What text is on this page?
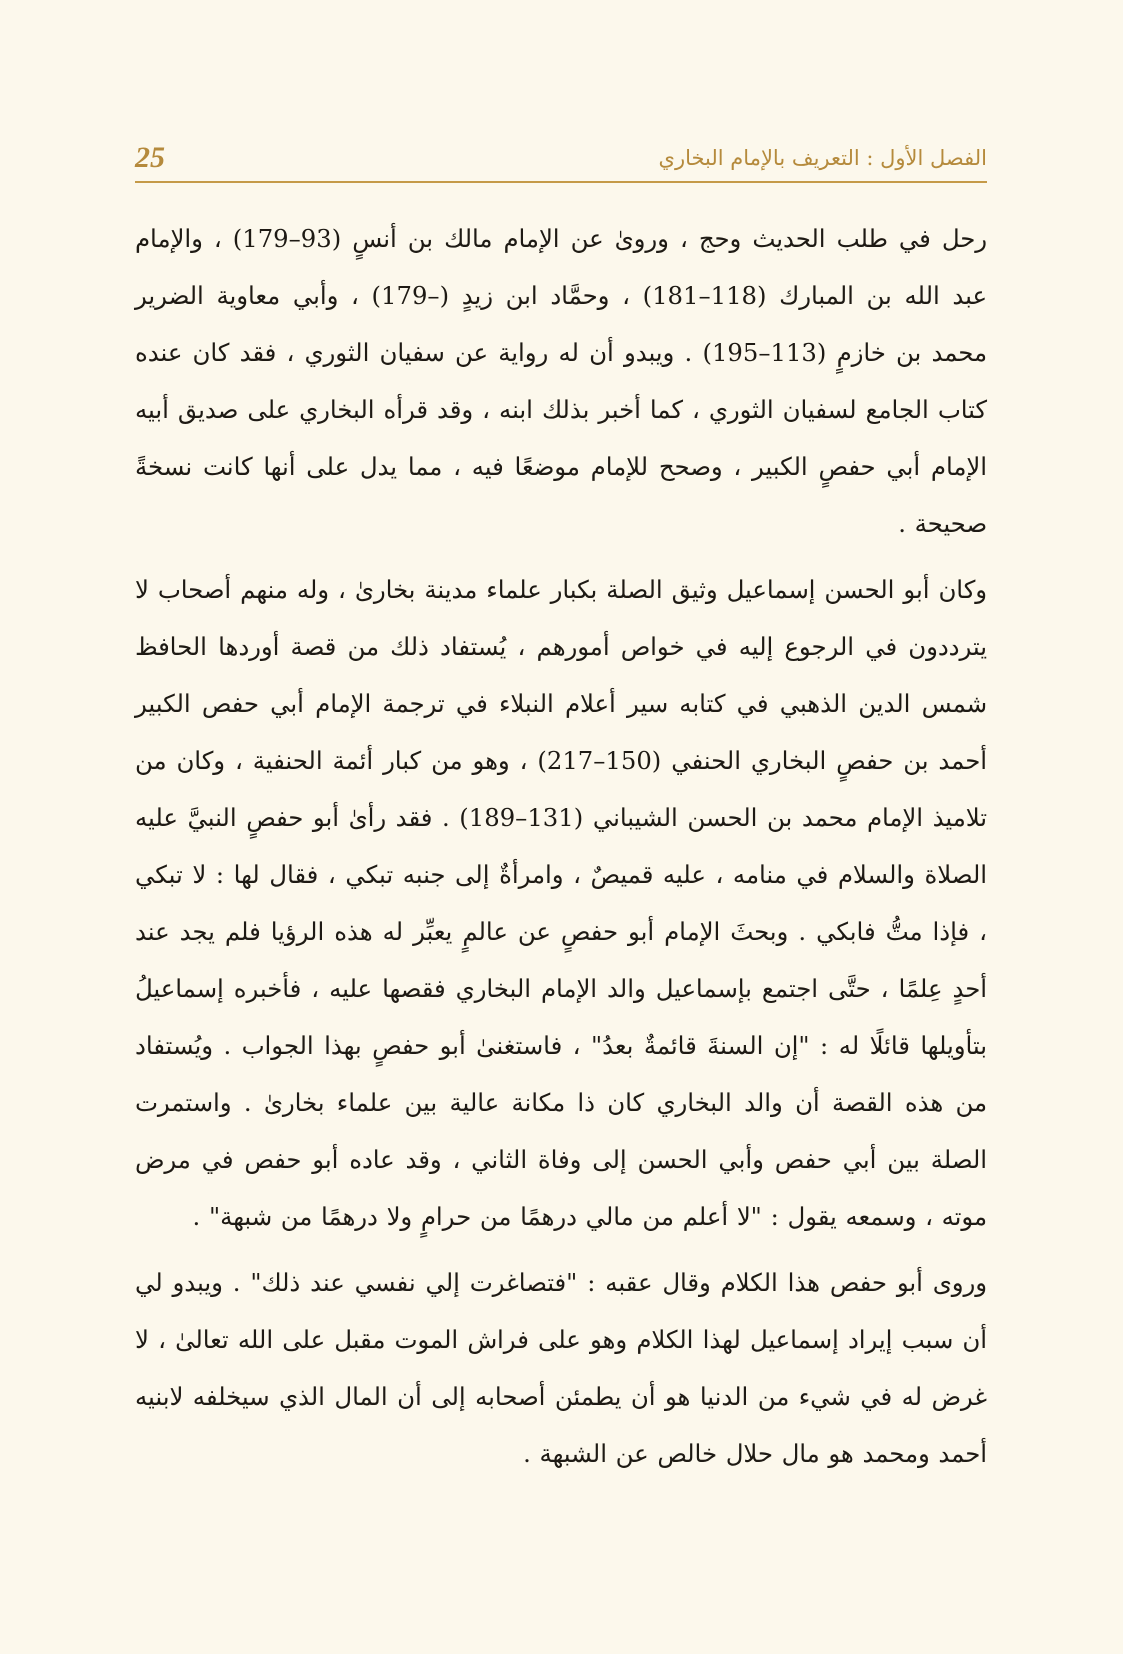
الفصل الأول : التعريف بالإمام البخاري
25

رحل في طلب الحديث وحج ، وروىٰ عن الإمام مالك بن أنسٍ (93–179) ، والإمام عبد الله بن المبارك (118–181) ، وحمَّاد ابن زيدٍ (–179) ، وأبي معاوية الضرير محمد بن خازمٍ (113–195) . ويبدو أن له رواية عن سفيان الثوري ، فقد كان عنده كتاب الجامع لسفيان الثوري ، كما أخبر بذلك ابنه ، وقد قرأه البخاري على صديق أبيه الإمام أبي حفصٍ الكبير ، وصحح للإمام موضعًا فيه ، مما يدل على أنها كانت نسخةً صحيحة .

وكان أبو الحسن إسماعيل وثيق الصلة بكبار علماء مدينة بخارىٰ ، وله منهم أصحاب لا يترددون في الرجوع إليه في خواص أمورهم ، يُستفاد ذلك من قصة أوردها الحافظ شمس الدين الذهبي في كتابه سير أعلام النبلاء في ترجمة الإمام أبي حفص الكبير أحمد بن حفصٍ البخاري الحنفي (150–217) ، وهو من كبار أئمة الحنفية ، وكان من تلاميذ الإمام محمد بن الحسن الشيباني (131–189) . فقد رأىٰ أبو حفصٍ النبيَّ عليه الصلاة والسلام في منامه ، عليه قميصٌ ، وامرأةٌ إلى جنبه تبكي ، فقال لها : لا تبكي ، فإذا متُّ فابكي . وبحثَ الإمام أبو حفصٍ عن عالمٍ يعبِّر له هذه الرؤيا فلم يجد عند أحدٍ عِلمًا ، حتَّى اجتمع بإسماعيل والد الإمام البخاري فقصها عليه ، فأخبره إسماعيلُ بتأويلها قائلًا له : "إن السنةَ قائمةٌ بعدُ" ، فاستغنىٰ أبو حفصٍ بهذا الجواب . ويُستفاد من هذه القصة أن والد البخاري كان ذا مكانة عالية بين علماء بخارىٰ . واستمرت الصلة بين أبي حفص وأبي الحسن إلى وفاة الثاني ، وقد عاده أبو حفص في مرض موته ، وسمعه يقول : "لا أعلم من مالي درهمًا من حرامٍ ولا درهمًا من شبهة" .

وروى أبو حفص هذا الكلام وقال عقبه : "فتصاغرت إلي نفسي عند ذلك" . ويبدو لي أن سبب إيراد إسماعيل لهذا الكلام وهو على فراش الموت مقبل على الله تعالىٰ ، لا غرض له في شيء من الدنيا هو أن يطمئن أصحابه إلى أن المال الذي سيخلفه لابنيه أحمد ومحمد هو مال حلال خالص عن الشبهة .
